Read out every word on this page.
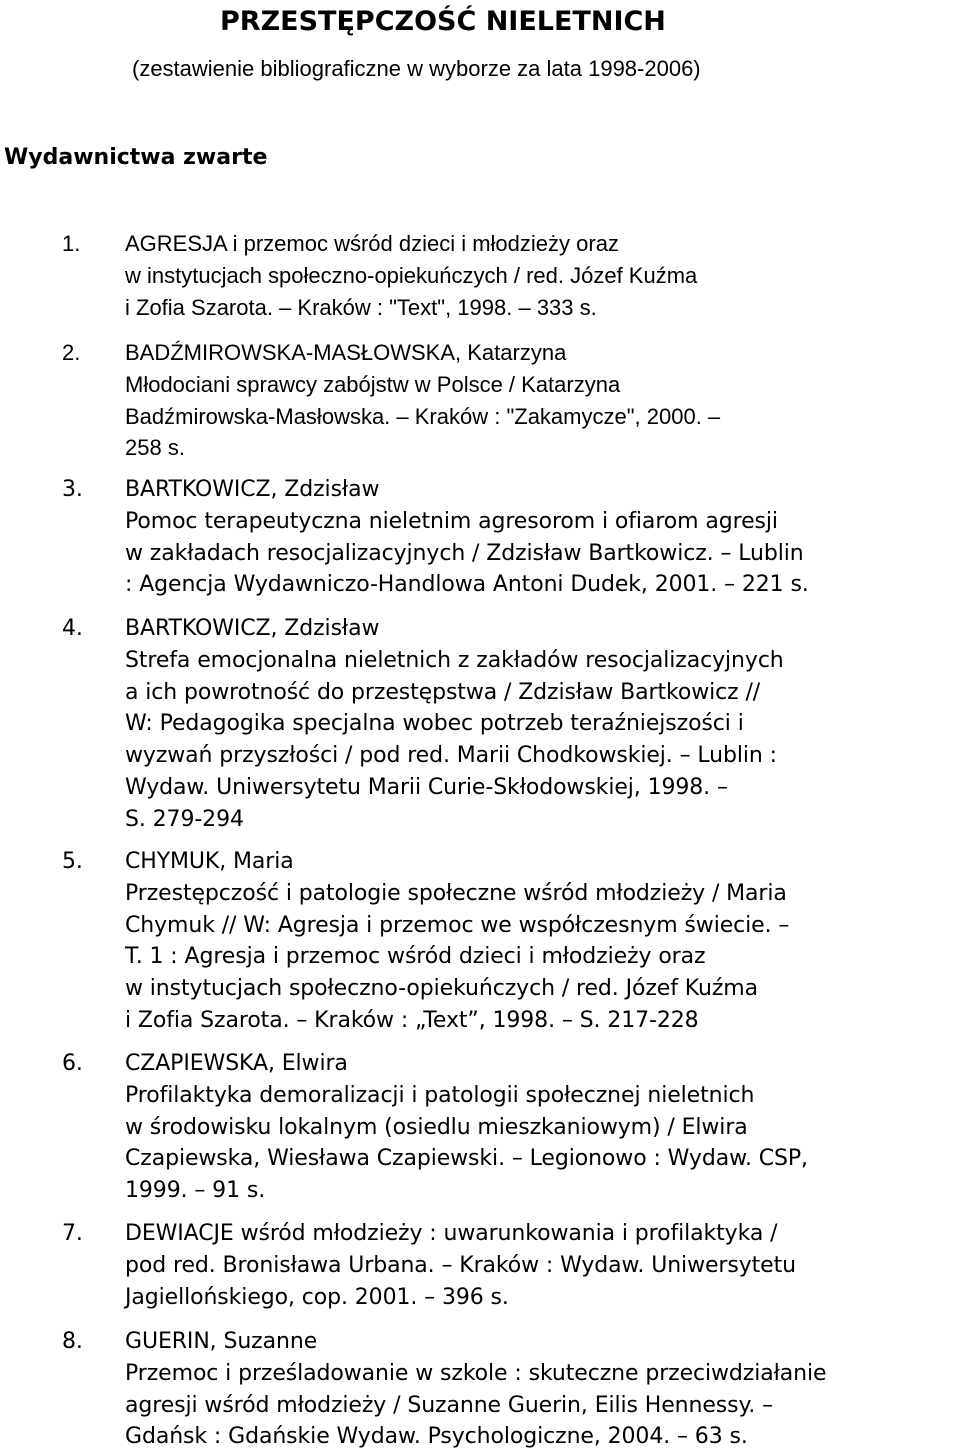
PRZESTĘPCZOŚĆ NIELETNICH

(zestawienie bibliograficzne w wyborze za lata 1998-2006)

Wydawnictwa zwarte
1. AGRESJA i przemoc wśród dzieci i młodzieży oraz
w instytucjach społeczno-opiekuńczych / red. Józef Kuźma
i Zofia Szarota. – Kraków : "Text", 1998. – 333 s.
2. BADŹMIROWSKA-MASŁOWSKA, Katarzyna
Młodociani sprawcy zabójstw w Polsce / Katarzyna
Badźmirowska-Masłowska. – Kraków : "Zakamycze", 2000. –
258 s.
3. BARTKOWICZ, Zdzisław
Pomoc terapeutyczna nieletnim agresorom i ofiarom agresji
w zakładach resocjalizacyjnych / Zdzisław Bartkowicz. – Lublin
: Agencja Wydawniczo-Handlowa Antoni Dudek, 2001. – 221 s.
4. BARTKOWICZ, Zdzisław
Strefa emocjonalna nieletnich z zakładów resocjalizacyjnych
a ich powrotność do przestępstwa / Zdzisław Bartkowicz //
W: Pedagogika specjalna wobec potrzeb teraźniejszości i
wyzwań przyszłości / pod red. Marii Chodkowskiej. – Lublin :
Wydaw. Uniwersytetu Marii Curie-Skłodowskiej, 1998. –
S. 279-294
5. CHYMUK, Maria
Przestępczość i patologie społeczne wśród młodzieży / Maria
Chymuk // W: Agresja i przemoc we współczesnym świecie. –
T. 1 : Agresja i przemoc wśród dzieci i młodzieży oraz
w instytucjach społeczno-opiekuńczych / red. Józef Kuźma
i Zofia Szarota. – Kraków : „Text”, 1998. – S. 217-228
6. CZAPIEWSKA, Elwira
Profilaktyka demoralizacji i patologii społecznej nieletnich
w środowisku lokalnym (osiedlu mieszkaniowym) / Elwira
Czapiewska, Wiesława Czapiewski. – Legionowo : Wydaw. CSP,
1999. – 91 s.
7. DEWIACJE wśród młodzieży : uwarunkowania i profilaktyka /
pod red. Bronisława Urbana. – Kraków : Wydaw. Uniwersytetu
Jagiellońskiego, cop. 2001. – 396 s.
8. GUERIN, Suzanne
Przemoc i prześladowanie w szkole : skuteczne przeciwdziałanie
agresji wśród młodzieży / Suzanne Guerin, Eilis Hennessy. –
Gdańsk : Gdańskie Wydaw. Psychologiczne, 2004. – 63 s.
